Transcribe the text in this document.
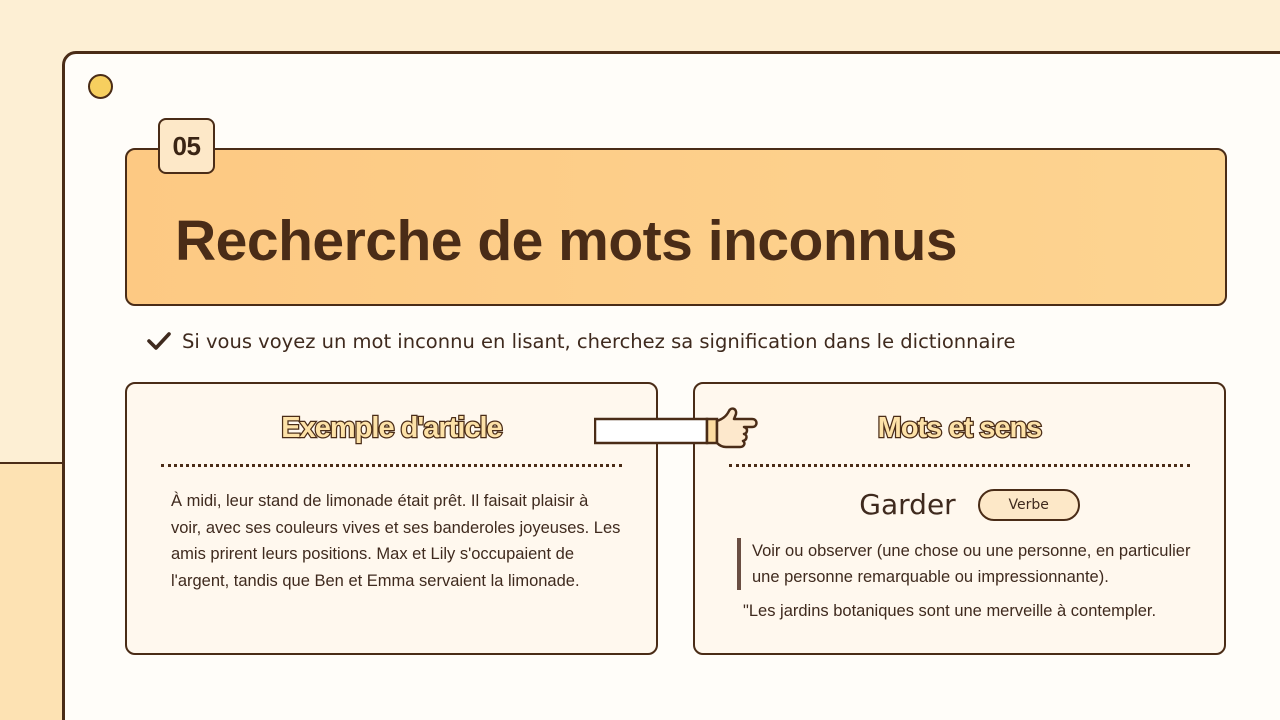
Recherche de mots inconnus
05
Si vous voyez un mot inconnu en lisant, cherchez sa signification dans le dictionnaire
Exemple d'article
À midi, leur stand de limonade était prêt. Il faisait plaisir à voir, avec ses couleurs vives et ses banderoles joyeuses. Les amis prirent leurs positions. Max et Lily s'occupaient de l'argent, tandis que Ben et Emma servaient la limonade.
Mots et sens
Garder	Verbe
Voir ou observer (une chose ou une personne, en particulier une personne remarquable ou impressionnante).
"Les jardins botaniques sont une merveille à contempler.
